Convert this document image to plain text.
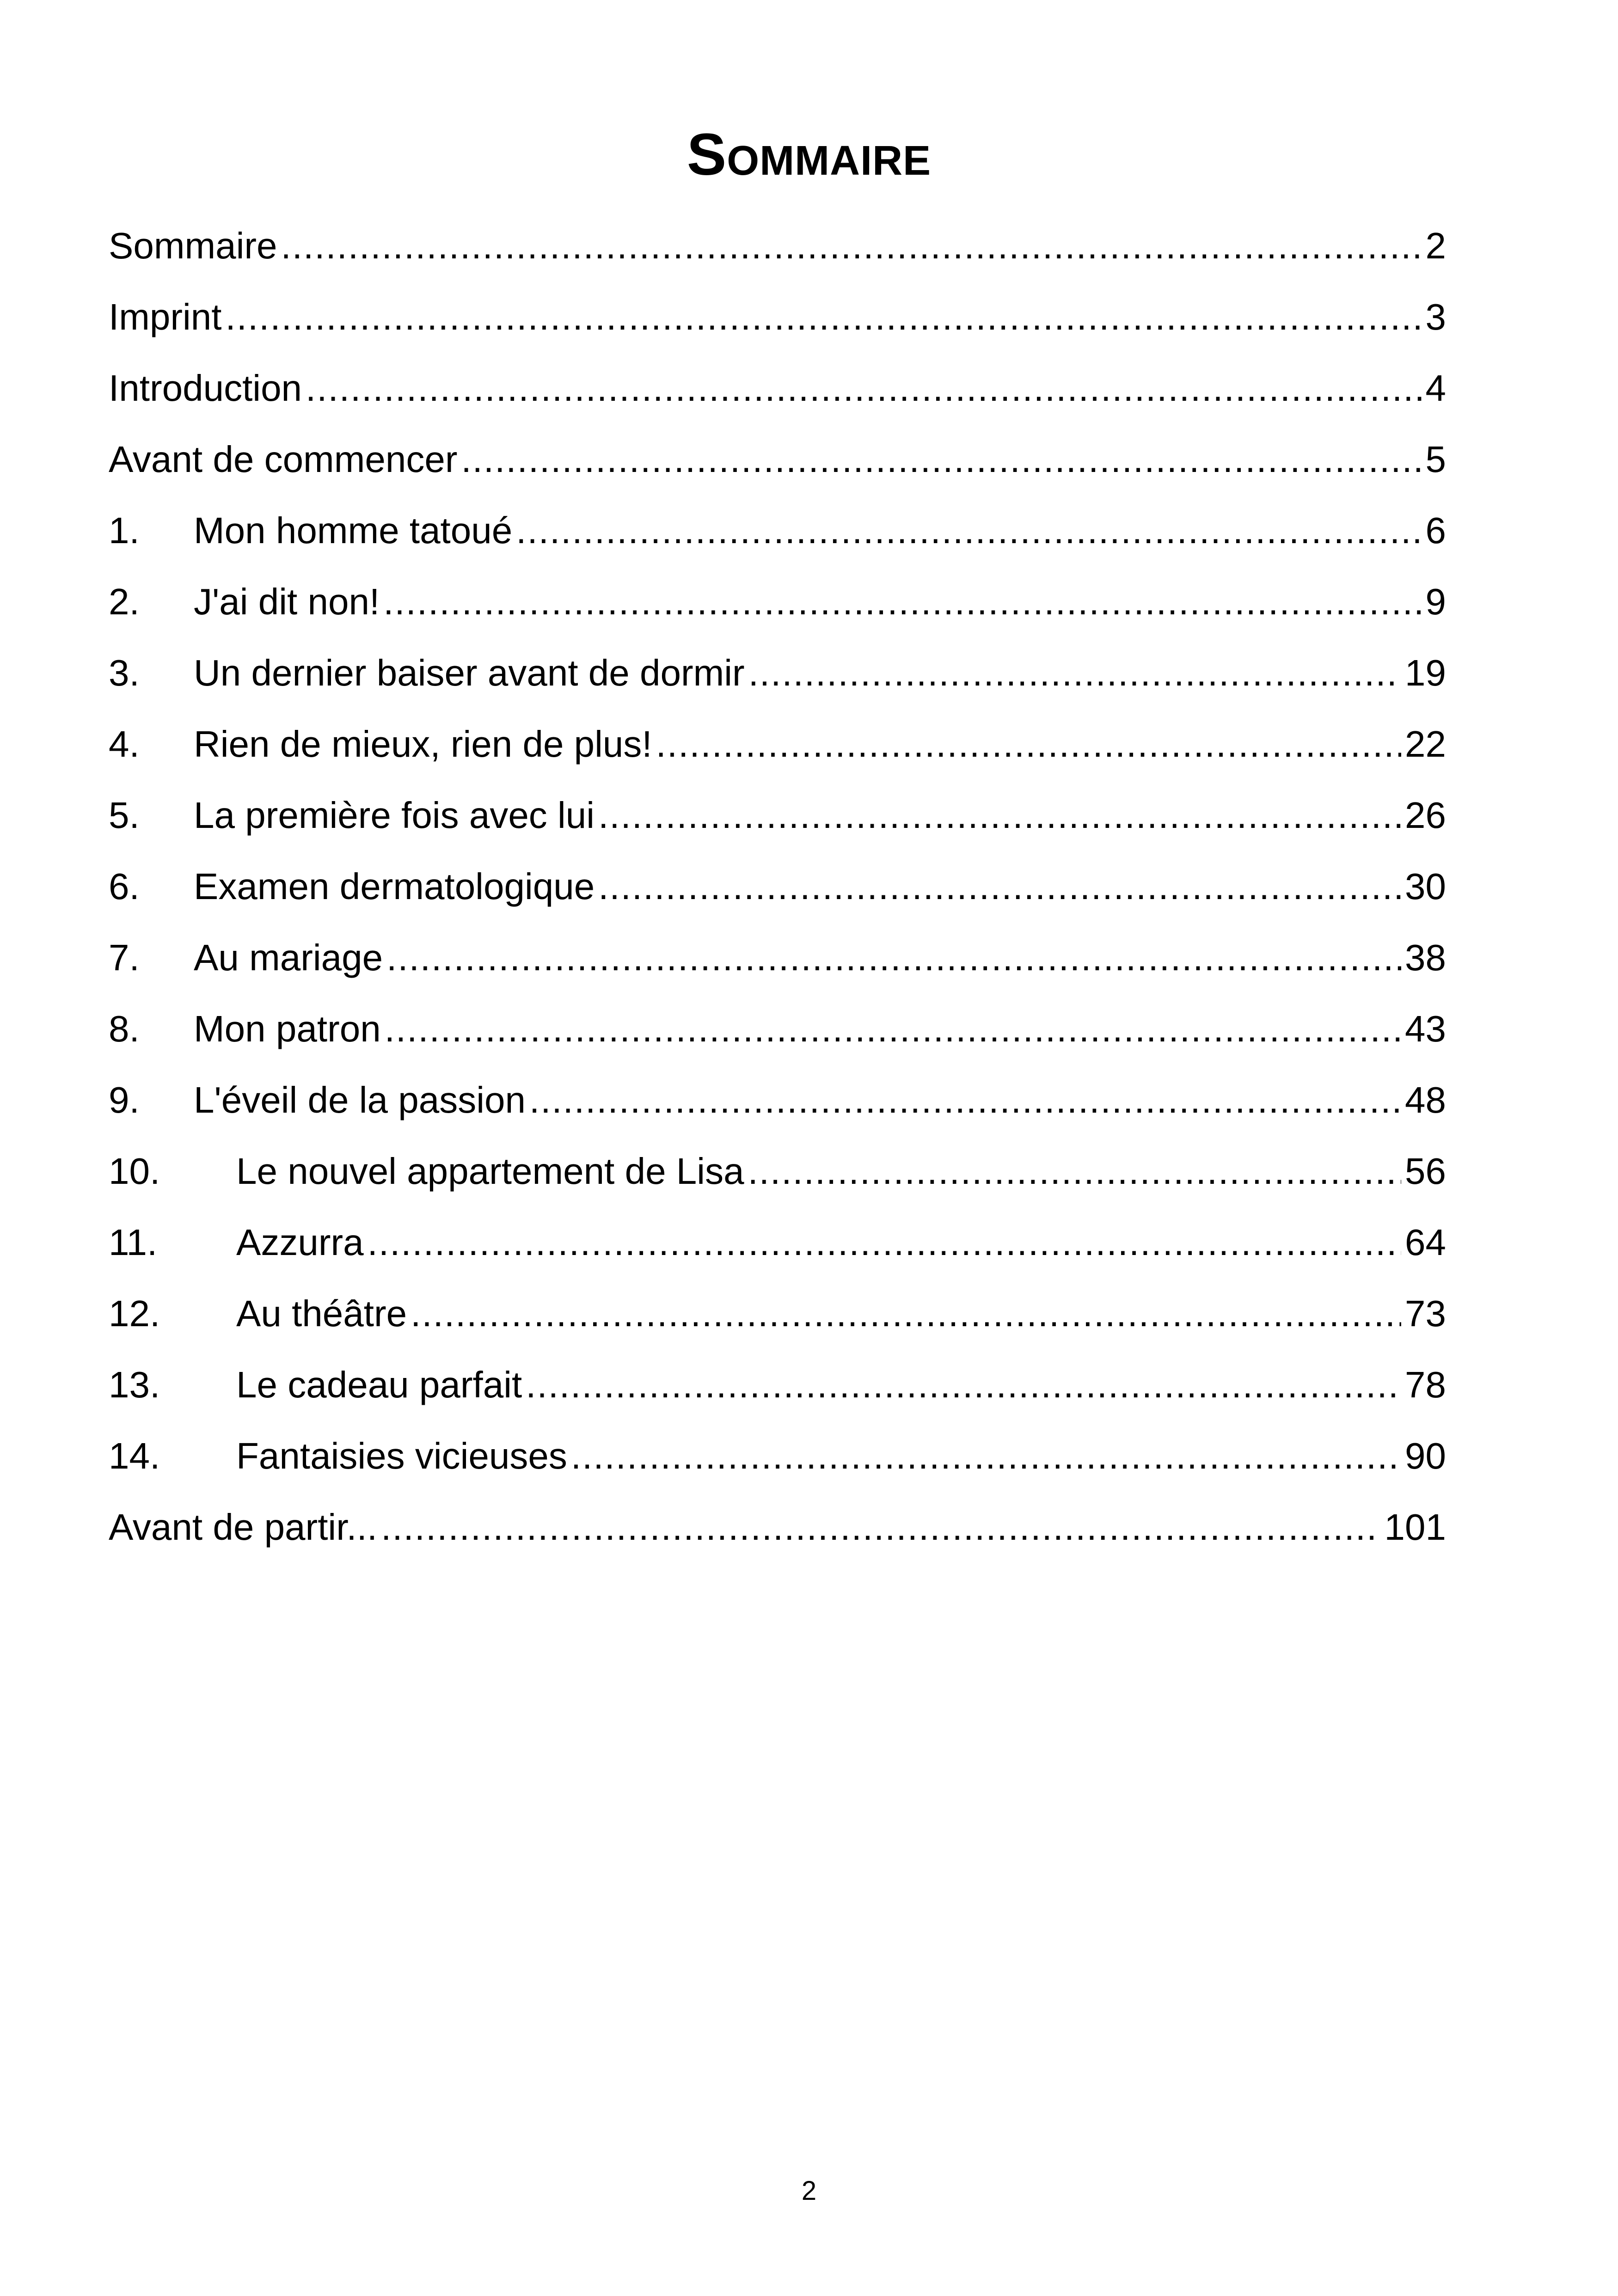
Sommaire
Sommaire .....	2
Imprint .....	3
Introduction .....	4
Avant de commencer .....	5
1.	Mon homme tatoué .....	6
2.	J'ai dit non! .....	9
3.	Un dernier baiser avant de dormir .....	19
4.	Rien de mieux, rien de plus! .....	22
5.	La première fois avec lui .....	26
6.	Examen dermatologique .....	30
7.	Au mariage .....	38
8.	Mon patron .....	43
9.	L'éveil de la passion .....	48
10.	Le nouvel appartement de Lisa .....	56
11.	Azzurra .....	64
12.	Au théâtre .....	73
13.	Le cadeau parfait .....	78
14.	Fantaisies vicieuses .....	90
Avant de partir... .....	101
2
